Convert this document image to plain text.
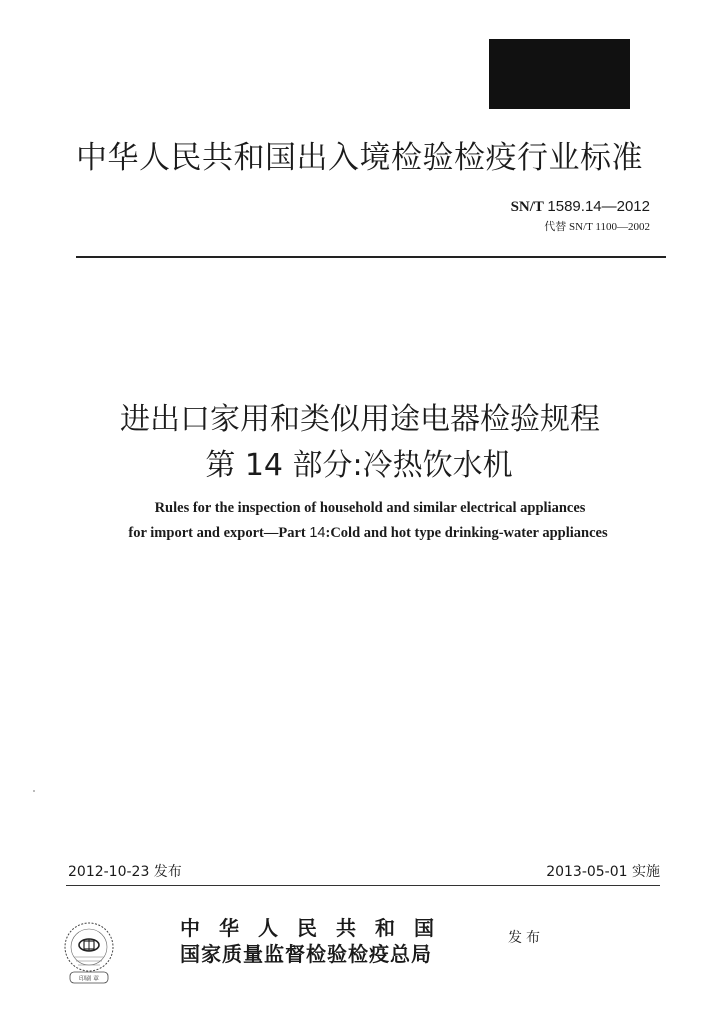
中华人民共和国出入境检验检疫行业标准
SN/T 1589.14—2012
代替 SN/T 1100—2002
进出口家用和类似用途电器检验规程
第 14 部分:冷热饮水机
Rules for the inspection of household and similar electrical appliances
for import and export—Part 14:Cold and hot type drinking-water appliances
2012-10-23 发布	2013-05-01 实施
印刷 章
中华人民共和国
国家质量监督检验检疫总局
发布
